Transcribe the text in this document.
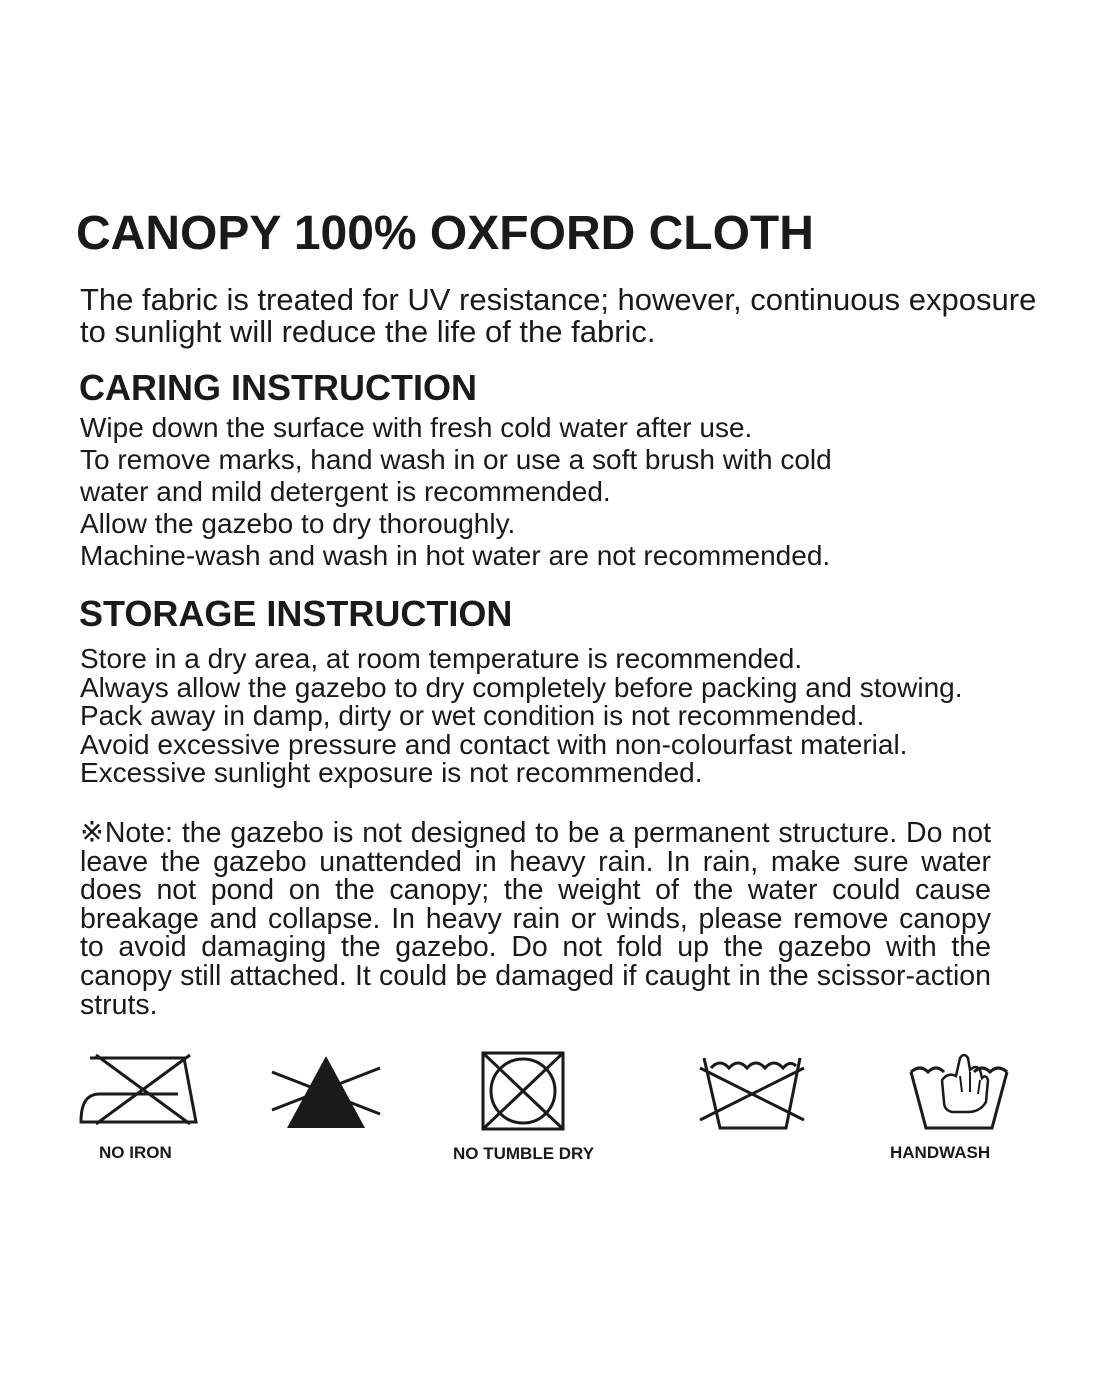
CANOPY 100% OXFORD CLOTH

The fabric is treated for UV resistance; however, continuous exposure to sunlight will reduce the life of the fabric.

CARING INSTRUCTION
Wipe down the surface with fresh cold water after use.
To remove marks, hand wash in or use a soft brush with cold
water and mild detergent is recommended.
Allow the gazebo to dry thoroughly.
Machine-wash and wash in hot water are not recommended.
STORAGE INSTRUCTION
Store in a dry area, at room temperature is recommended.
Always allow the gazebo to dry completely before packing and stowing.
Pack away in damp, dirty or wet condition is not recommended.
Avoid excessive pressure and contact with non-colourfast material.
Excessive sunlight exposure is not recommended.

※Note: the gazebo is not designed to be a permanent structure. Do not leave the gazebo unattended in heavy rain. In rain, make sure water does not pond on the canopy; the weight of the water could cause breakage and collapse. In heavy rain or winds, please remove canopy to avoid damaging the gazebo. Do not fold up the gazebo with the canopy still attached. It could be damaged if caught in the scissor-action struts.

NO IRON	NO TUMBLE DRY	HANDWASH
